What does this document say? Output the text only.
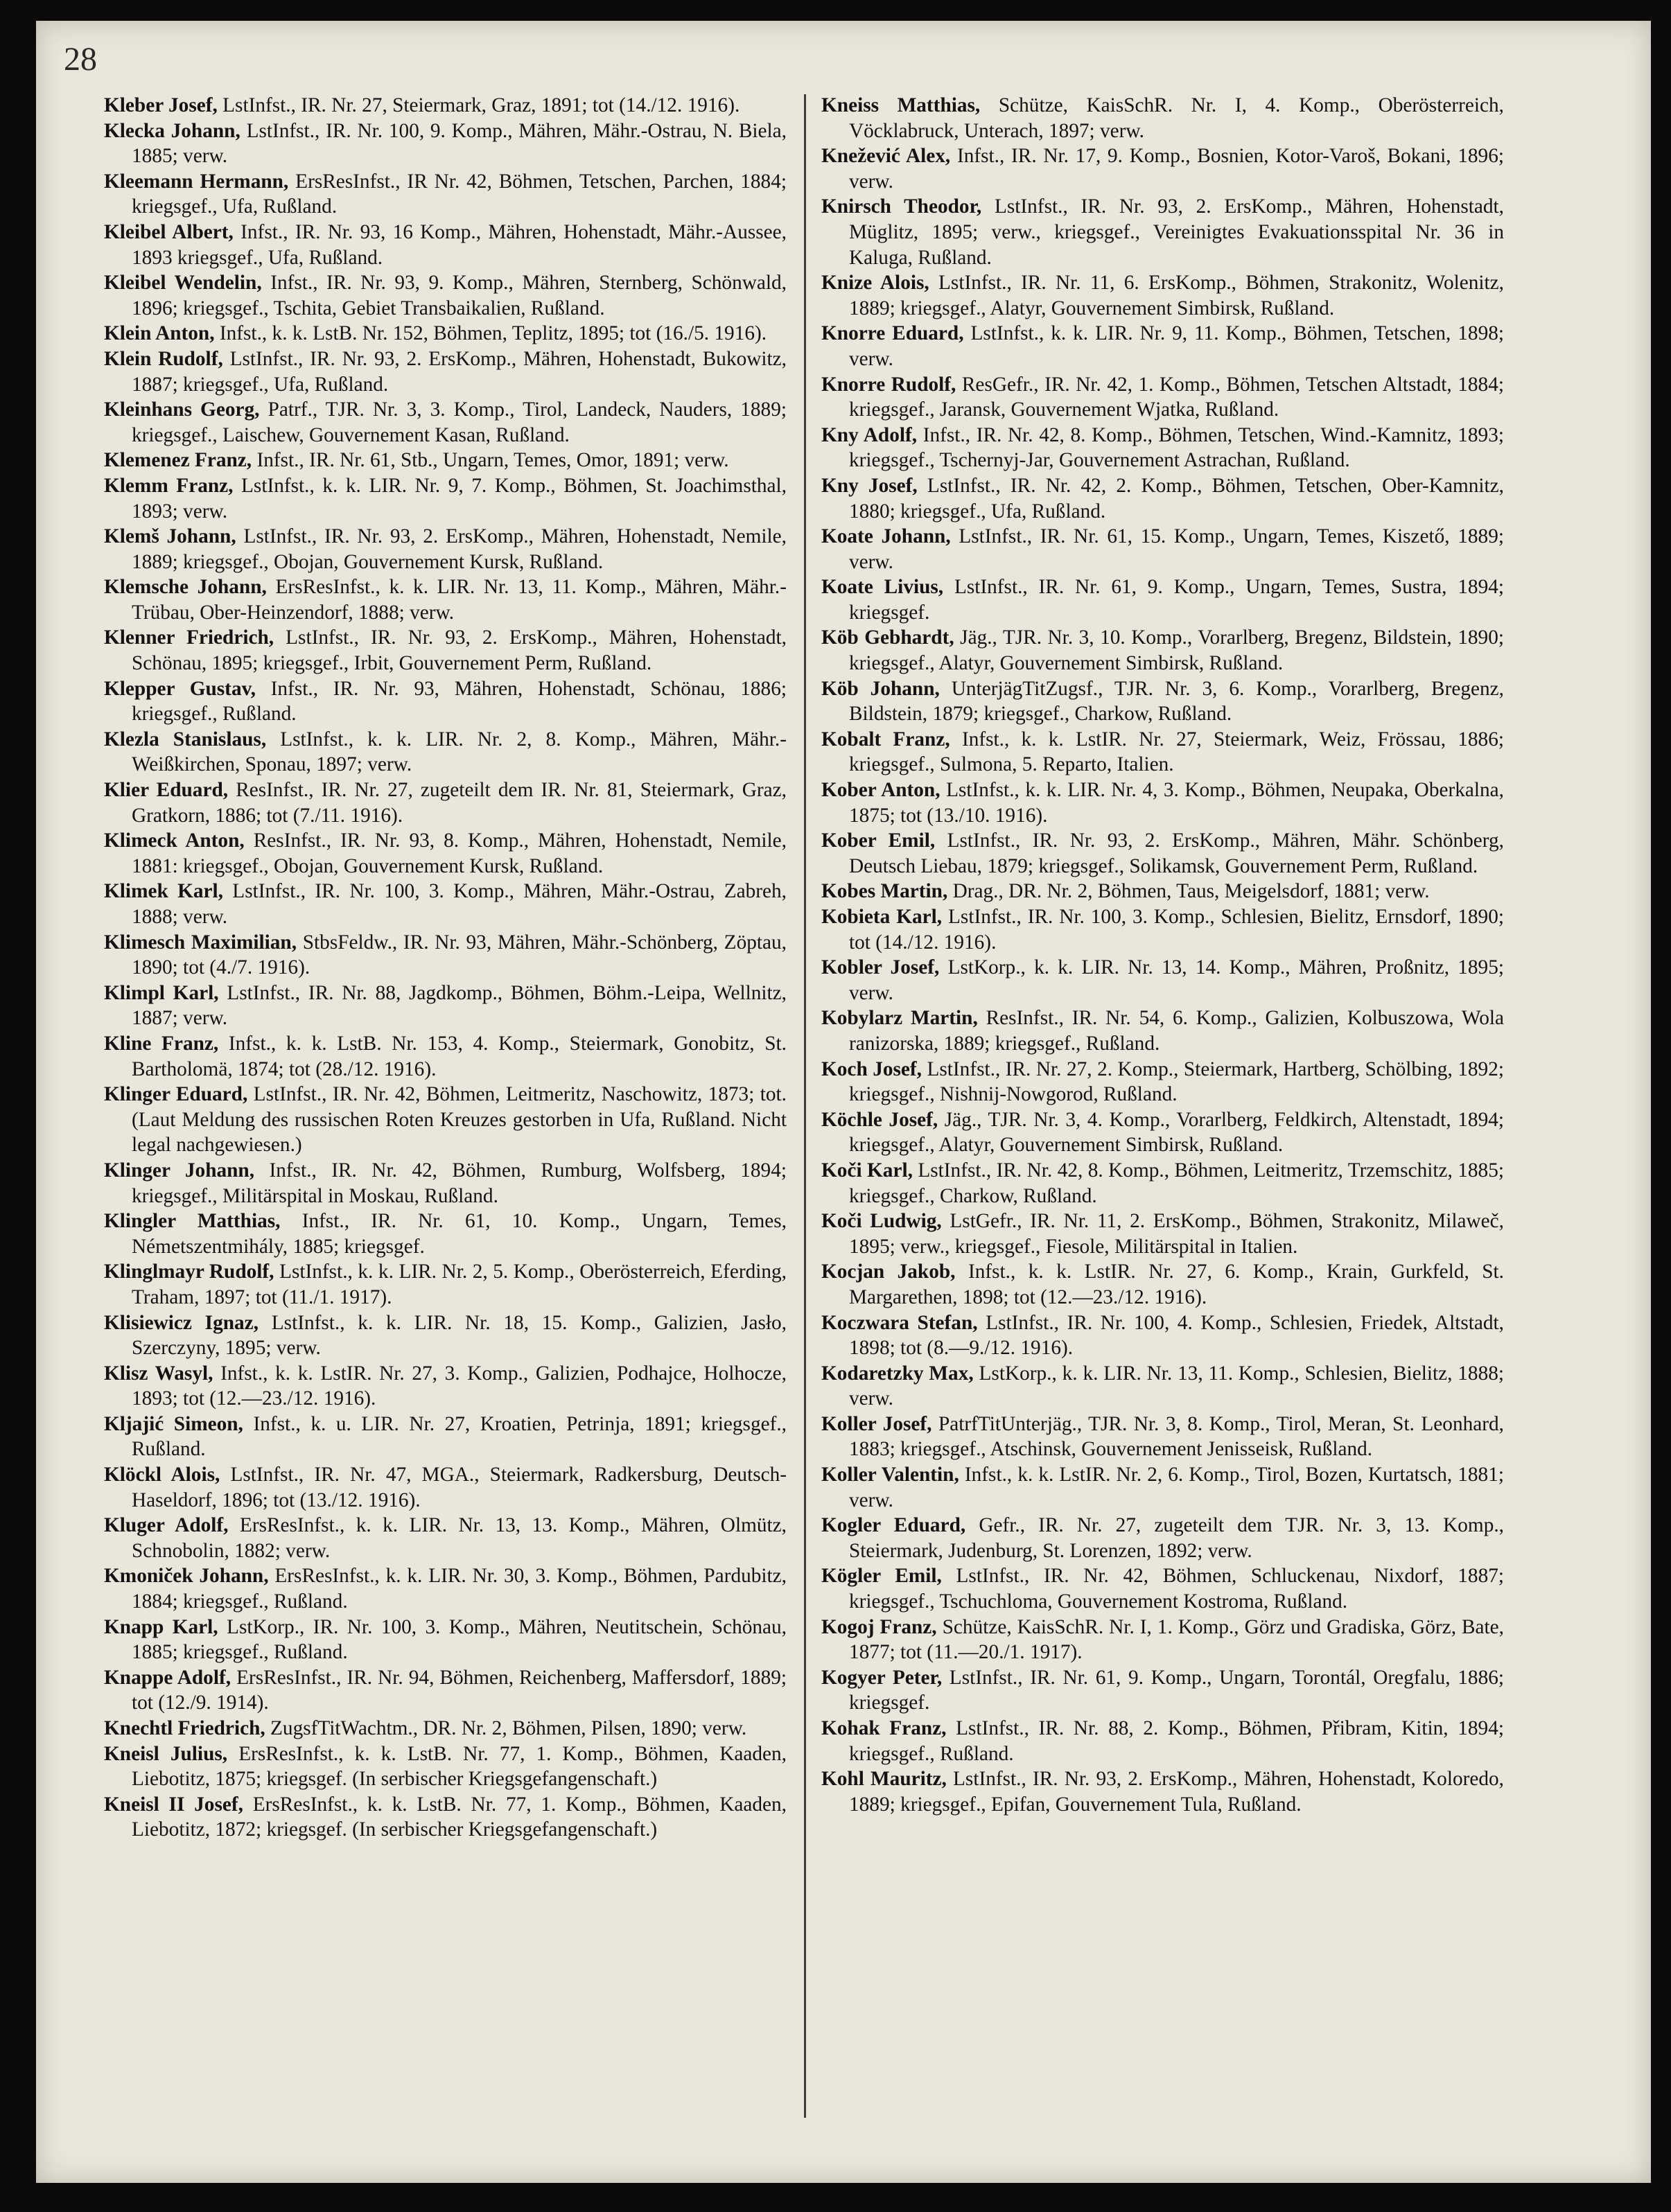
28

Kleber Josef, LstInfst., IR. Nr. 27, Steiermark, Graz, 1891; tot (14./12. 1916).

Klecka Johann, LstInfst., IR. Nr. 100, 9. Komp., Mähren, Mähr.-Ostrau, N. Biela, 1885; verw.

Kleemann Hermann, ErsResInfst., IR Nr. 42, Böhmen, Tetschen, Parchen, 1884; kriegsgef., Ufa, Rußland.

Kleibel Albert, Infst., IR. Nr. 93, 16 Komp., Mähren, Hohenstadt, Mähr.-Aussee, 1893 kriegsgef., Ufa, Rußland.

Kleibel Wendelin, Infst., IR. Nr. 93, 9. Komp., Mähren, Sternberg, Schönwald, 1896; kriegsgef., Tschita, Gebiet Transbaikalien, Rußland.

Klein Anton, Infst., k. k. LstB. Nr. 152, Böhmen, Teplitz, 1895; tot (16./5. 1916).

Klein Rudolf, LstInfst., IR. Nr. 93, 2. ErsKomp., Mähren, Hohenstadt, Bukowitz, 1887; kriegsgef., Ufa, Rußland.

Kleinhans Georg, Patrf., TJR. Nr. 3, 3. Komp., Tirol, Landeck, Nauders, 1889; kriegsgef., Laischew, Gouvernement Kasan, Rußland.

Klemenez Franz, Infst., IR. Nr. 61, Stb., Ungarn, Temes, Omor, 1891; verw.

Klemm Franz, LstInfst., k. k. LIR. Nr. 9, 7. Komp., Böhmen, St. Joachimsthal, 1893; verw.

Klemš Johann, LstInfst., IR. Nr. 93, 2. ErsKomp., Mähren, Hohenstadt, Nemile, 1889; kriegsgef., Obojan, Gouvernement Kursk, Rußland.

Klemsche Johann, ErsResInfst., k. k. LIR. Nr. 13, 11. Komp., Mähren, Mähr.-Trübau, Ober-Heinzendorf, 1888; verw.

Klenner Friedrich, LstInfst., IR. Nr. 93, 2. ErsKomp., Mähren, Hohenstadt, Schönau, 1895; kriegsgef., Irbit, Gouvernement Perm, Rußland.

Klepper Gustav, Infst., IR. Nr. 93, Mähren, Hohenstadt, Schönau, 1886; kriegsgef., Rußland.

Klezla Stanislaus, LstInfst., k. k. LIR. Nr. 2, 8. Komp., Mähren, Mähr.-Weißkirchen, Sponau, 1897; verw.

Klier Eduard, ResInfst., IR. Nr. 27, zugeteilt dem IR. Nr. 81, Steiermark, Graz, Gratkorn, 1886; tot (7./11. 1916).

Klimeck Anton, ResInfst., IR. Nr. 93, 8. Komp., Mähren, Hohenstadt, Nemile, 1881: kriegsgef., Obojan, Gouvernement Kursk, Rußland.

Klimek Karl, LstInfst., IR. Nr. 100, 3. Komp., Mähren, Mähr.-Ostrau, Zabreh, 1888; verw.

Klimesch Maximilian, StbsFeldw., IR. Nr. 93, Mähren, Mähr.-Schönberg, Zöptau, 1890; tot (4./7. 1916).

Klimpl Karl, LstInfst., IR. Nr. 88, Jagdkomp., Böhmen, Böhm.-Leipa, Wellnitz, 1887; verw.

Kline Franz, Infst., k. k. LstB. Nr. 153, 4. Komp., Steiermark, Gonobitz, St. Bartholomä, 1874; tot (28./12. 1916).

Klinger Eduard, LstInfst., IR. Nr. 42, Böhmen, Leitmeritz, Naschowitz, 1873; tot. (Laut Meldung des russischen Roten Kreuzes gestorben in Ufa, Rußland. Nicht legal nachgewiesen.)

Klinger Johann, Infst., IR. Nr. 42, Böhmen, Rumburg, Wolfsberg, 1894; kriegsgef., Militärspital in Moskau, Rußland.

Klingler Matthias, Infst., IR. Nr. 61, 10. Komp., Ungarn, Temes, Németszentmihály, 1885; kriegsgef.

Klinglmayr Rudolf, LstInfst., k. k. LIR. Nr. 2, 5. Komp., Oberösterreich, Eferding, Traham, 1897; tot (11./1. 1917).

Klisiewicz Ignaz, LstInfst., k. k. LIR. Nr. 18, 15. Komp., Galizien, Jasło, Szerczyny, 1895; verw.

Klisz Wasyl, Infst., k. k. LstIR. Nr. 27, 3. Komp., Galizien, Podhajce, Holhocze, 1893; tot (12.—23./12. 1916).

Kljajić Simeon, Infst., k. u. LIR. Nr. 27, Kroatien, Petrinja, 1891; kriegsgef., Rußland.

Klöckl Alois, LstInfst., IR. Nr. 47, MGA., Steiermark, Radkersburg, Deutsch-Haseldorf, 1896; tot (13./12. 1916).

Kluger Adolf, ErsResInfst., k. k. LIR. Nr. 13, 13. Komp., Mähren, Olmütz, Schnobolin, 1882; verw.

Kmoniček Johann, ErsResInfst., k. k. LIR. Nr. 30, 3. Komp., Böhmen, Pardubitz, 1884; kriegsgef., Rußland.

Knapp Karl, LstKorp., IR. Nr. 100, 3. Komp., Mähren, Neutitschein, Schönau, 1885; kriegsgef., Rußland.

Knappe Adolf, ErsResInfst., IR. Nr. 94, Böhmen, Reichenberg, Maffersdorf, 1889; tot (12./9. 1914).

Knechtl Friedrich, ZugsfTitWachtm., DR. Nr. 2, Böhmen, Pilsen, 1890; verw.

Kneisl Julius, ErsResInfst., k. k. LstB. Nr. 77, 1. Komp., Böhmen, Kaaden, Liebotitz, 1875; kriegsgef. (In serbischer Kriegsgefangenschaft.)

Kneisl II Josef, ErsResInfst., k. k. LstB. Nr. 77, 1. Komp., Böhmen, Kaaden, Liebotitz, 1872; kriegsgef. (In serbischer Kriegsgefangenschaft.)

Kneiss Matthias, Schütze, KaisSchR. Nr. I, 4. Komp., Oberösterreich, Vöcklabruck, Unterach, 1897; verw.

Knežević Alex, Infst., IR. Nr. 17, 9. Komp., Bosnien, Kotor-Varoš, Bokani, 1896; verw.

Knirsch Theodor, LstInfst., IR. Nr. 93, 2. ErsKomp., Mähren, Hohenstadt, Müglitz, 1895; verw., kriegsgef., Vereinigtes Evakuationsspital Nr. 36 in Kaluga, Rußland.

Knize Alois, LstInfst., IR. Nr. 11, 6. ErsKomp., Böhmen, Strakonitz, Wolenitz, 1889; kriegsgef., Alatyr, Gouvernement Simbirsk, Rußland.

Knorre Eduard, LstInfst., k. k. LIR. Nr. 9, 11. Komp., Böhmen, Tetschen, 1898; verw.

Knorre Rudolf, ResGefr., IR. Nr. 42, 1. Komp., Böhmen, Tetschen Altstadt, 1884; kriegsgef., Jaransk, Gouvernement Wjatka, Rußland.

Kny Adolf, Infst., IR. Nr. 42, 8. Komp., Böhmen, Tetschen, Wind.-Kamnitz, 1893; kriegsgef., Tschernyj-Jar, Gouvernement Astrachan, Rußland.

Kny Josef, LstInfst., IR. Nr. 42, 2. Komp., Böhmen, Tetschen, Ober-Kamnitz, 1880; kriegsgef., Ufa, Rußland.

Koate Johann, LstInfst., IR. Nr. 61, 15. Komp., Ungarn, Temes, Kiszető, 1889; verw.

Koate Livius, LstInfst., IR. Nr. 61, 9. Komp., Ungarn, Temes, Sustra, 1894; kriegsgef.

Köb Gebhardt, Jäg., TJR. Nr. 3, 10. Komp., Vorarlberg, Bregenz, Bildstein, 1890; kriegsgef., Alatyr, Gouvernement Simbirsk, Rußland.

Köb Johann, UnterjägTitZugsf., TJR. Nr. 3, 6. Komp., Vorarlberg, Bregenz, Bildstein, 1879; kriegsgef., Charkow, Rußland.

Kobalt Franz, Infst., k. k. LstIR. Nr. 27, Steiermark, Weiz, Frössau, 1886; kriegsgef., Sulmona, 5. Reparto, Italien.

Kober Anton, LstInfst., k. k. LIR. Nr. 4, 3. Komp., Böhmen, Neupaka, Oberkalna, 1875; tot (13./10. 1916).

Kober Emil, LstInfst., IR. Nr. 93, 2. ErsKomp., Mähren, Mähr. Schönberg, Deutsch Liebau, 1879; kriegsgef., Solikamsk, Gouvernement Perm, Rußland.

Kobes Martin, Drag., DR. Nr. 2, Böhmen, Taus, Meigelsdorf, 1881; verw.

Kobieta Karl, LstInfst., IR. Nr. 100, 3. Komp., Schlesien, Bielitz, Ernsdorf, 1890; tot (14./12. 1916).

Kobler Josef, LstKorp., k. k. LIR. Nr. 13, 14. Komp., Mähren, Proßnitz, 1895; verw.

Kobylarz Martin, ResInfst., IR. Nr. 54, 6. Komp., Galizien, Kolbuszowa, Wola ranizorska, 1889; kriegsgef., Rußland.

Koch Josef, LstInfst., IR. Nr. 27, 2. Komp., Steiermark, Hartberg, Schölbing, 1892; kriegsgef., Nishnij-Nowgorod, Rußland.

Köchle Josef, Jäg., TJR. Nr. 3, 4. Komp., Vorarlberg, Feldkirch, Altenstadt, 1894; kriegsgef., Alatyr, Gouvernement Simbirsk, Rußland.

Koči Karl, LstInfst., IR. Nr. 42, 8. Komp., Böhmen, Leitmeritz, Trzemschitz, 1885; kriegsgef., Charkow, Rußland.

Koči Ludwig, LstGefr., IR. Nr. 11, 2. ErsKomp., Böhmen, Strakonitz, Milaweč, 1895; verw., kriegsgef., Fiesole, Militärspital in Italien.

Kocjan Jakob, Infst., k. k. LstIR. Nr. 27, 6. Komp., Krain, Gurkfeld, St. Margarethen, 1898; tot (12.—23./12. 1916).

Koczwara Stefan, LstInfst., IR. Nr. 100, 4. Komp., Schlesien, Friedek, Altstadt, 1898; tot (8.—9./12. 1916).

Kodaretzky Max, LstKorp., k. k. LIR. Nr. 13, 11. Komp., Schlesien, Bielitz, 1888; verw.

Koller Josef, PatrfTitUnterjäg., TJR. Nr. 3, 8. Komp., Tirol, Meran, St. Leonhard, 1883; kriegsgef., Atschinsk, Gouvernement Jenisseisk, Rußland.

Koller Valentin, Infst., k. k. LstIR. Nr. 2, 6. Komp., Tirol, Bozen, Kurtatsch, 1881; verw.

Kogler Eduard, Gefr., IR. Nr. 27, zugeteilt dem TJR. Nr. 3, 13. Komp., Steiermark, Judenburg, St. Lorenzen, 1892; verw.

Kögler Emil, LstInfst., IR. Nr. 42, Böhmen, Schluckenau, Nixdorf, 1887; kriegsgef., Tschuchloma, Gouvernement Kostroma, Rußland.

Kogoj Franz, Schütze, KaisSchR. Nr. I, 1. Komp., Görz und Gradiska, Görz, Bate, 1877; tot (11.—20./1. 1917).

Kogyer Peter, LstInfst., IR. Nr. 61, 9. Komp., Ungarn, Torontál, Oregfalu, 1886; kriegsgef.

Kohak Franz, LstInfst., IR. Nr. 88, 2. Komp., Böhmen, Přibram, Kitin, 1894; kriegsgef., Rußland.

Kohl Mauritz, LstInfst., IR. Nr. 93, 2. ErsKomp., Mähren, Hohenstadt, Koloredo, 1889; kriegsgef., Epifan, Gouvernement Tula, Rußland.
